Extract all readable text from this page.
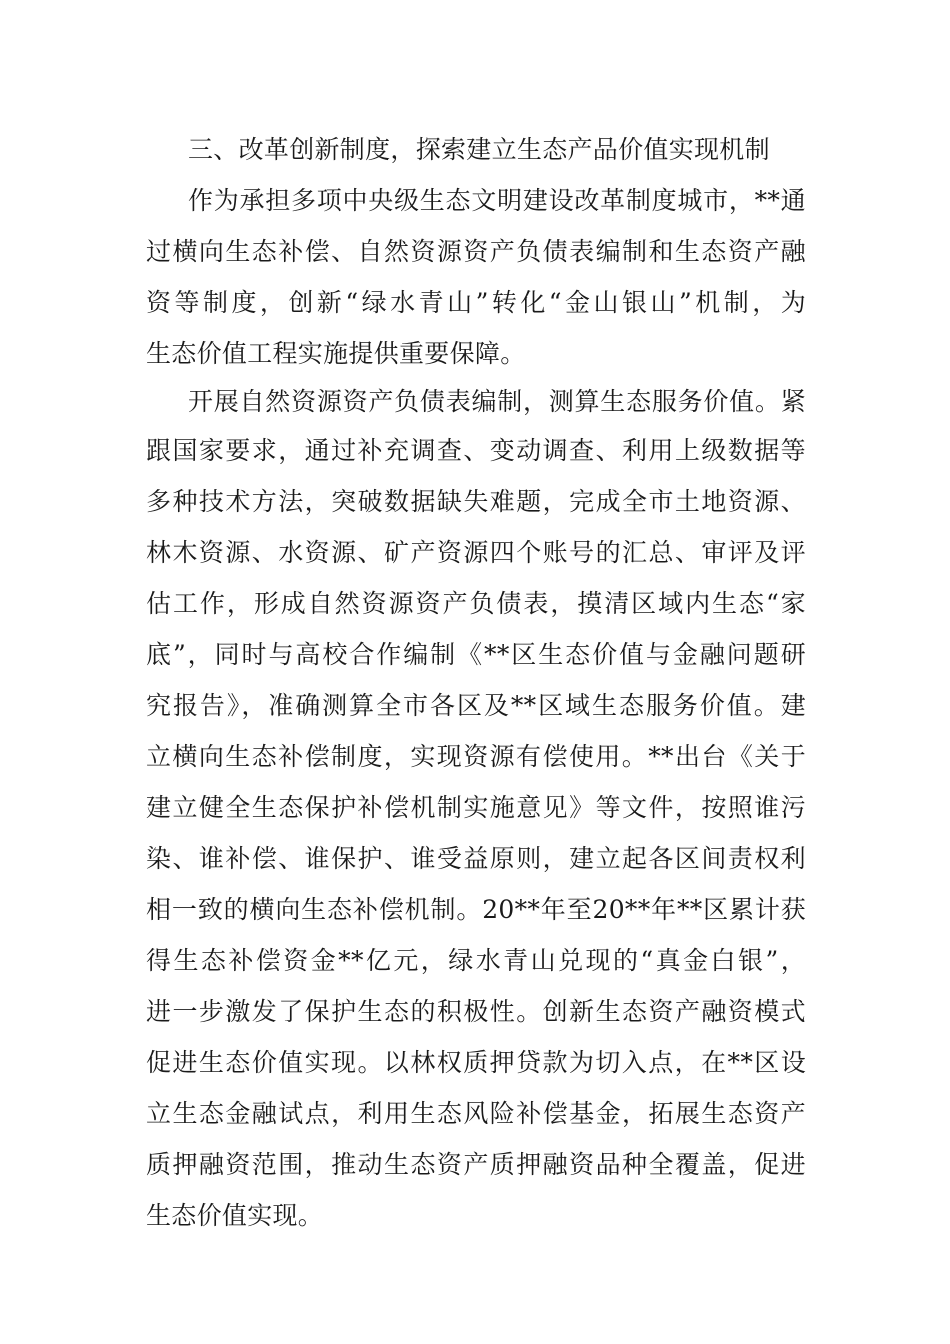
三、改革创新制度，探索建立生态产品价值实现机制
作为承担多项中央级生态文明建设改革制度城市，**通
过横向生态补偿、自然资源资产负债表编制和生态资产融
资等制度，创新“绿水青山”转化“金山银山”机制，为
生态价值工程实施提供重要保障。
开展自然资源资产负债表编制，测算生态服务价值。紧
跟国家要求，通过补充调查、变动调查、利用上级数据等
多种技术方法，突破数据缺失难题，完成全市土地资源、
林木资源、水资源、矿产资源四个账号的汇总、审评及评
估工作，形成自然资源资产负债表，摸清区域内生态“家
底”，同时与高校合作编制《**区生态价值与金融问题研
究报告》，准确测算全市各区及**区域生态服务价值。建
立横向生态补偿制度，实现资源有偿使用。**出台《关于
建立健全生态保护补偿机制实施意见》等文件，按照谁污
染、谁补偿、谁保护、谁受益原则，建立起各区间责权利
相一致的横向生态补偿机制。20**年至20**年**区累计获
得生态补偿资金**亿元，绿水青山兑现的“真金白银”，
进一步激发了保护生态的积极性。创新生态资产融资模式
促进生态价值实现。以林权质押贷款为切入点，在**区设
立生态金融试点，利用生态风险补偿基金，拓展生态资产
质押融资范围，推动生态资产质押融资品种全覆盖，促进
生态价值实现。
